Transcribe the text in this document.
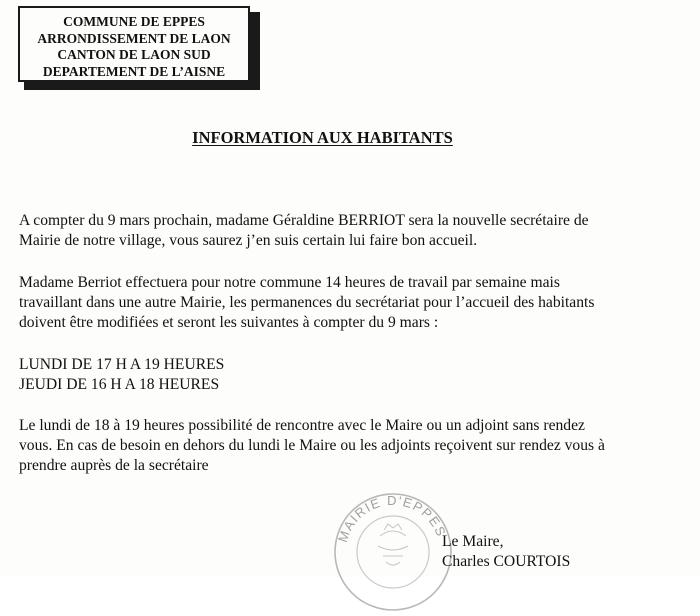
COMMUNE DE EPPES
ARRONDISSEMENT DE LAON
CANTON DE LAON SUD
DEPARTEMENT DE L’AISNE
INFORMATION AUX HABITANTS

A compter du 9 mars prochain, madame Géraldine BERRIOT sera la nouvelle secrétaire de
Mairie de notre village, vous saurez j’en suis certain lui faire bon accueil.

Madame Berriot effectuera pour notre commune 14 heures de travail par semaine mais
travaillant dans une autre Mairie, les permanences du secrétariat pour l’accueil des habitants
doivent être modifiées et seront les suivantes à compter du 9 mars :

LUNDI DE 17 H A 19 HEURES
JEUDI DE 16 H A 18 HEURES

Le lundi de 18 à 19 heures possibilité de rencontre avec le Maire ou un adjoint sans rendez
vous. En cas de besoin en dehors du lundi le Maire ou les adjoints reçoivent sur rendez vous à
prendre auprès de la secrétaire

MAIRIE D'EPPES
Le Maire,
Charles COURTOIS
